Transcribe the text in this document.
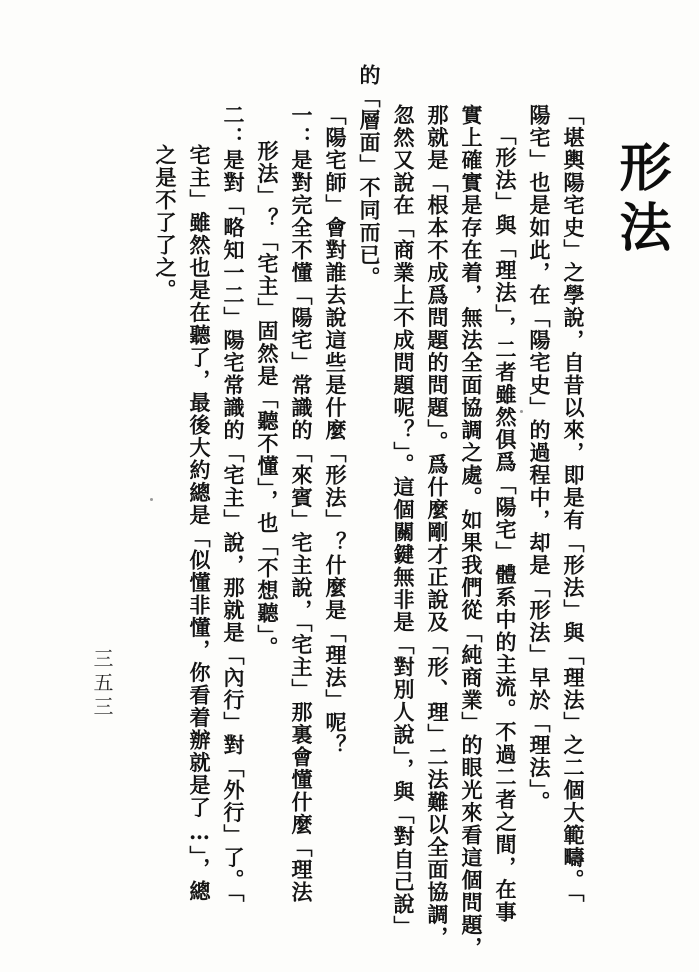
形法
「堪輿陽宅史」之學說，自昔以來，即是有「形法」與「理法」之二個大範疇。「
陽宅」也是如此，在「陽宅史」的過程中，却是「形法」早於「理法」。
「形法」與「理法」，二者雖然俱爲「陽宅」體系中的主流。不過二者之間，在事
實上確實是存在着，無法全面協調之處。如果我們從「純商業」的眼光來看這個問題，
那就是「根本不成爲問題的問題」。爲什麼剛才正說及「形、理」二法難以全面協調，
忽然又說在「商業上不成問題呢？」。這個關鍵無非是「對別人說」，與「對自己說」
的「層面」不同而已。
「陽宅師」會對誰去說這些是什麼「形法」？什麼是「理法」呢？
一：是對完全不懂「陽宅」常識的「來賓」宅主說，「宅主」那裏會懂什麼「理法
形法」？「宅主」固然是「聽不懂」，也「不想聽」。
二：是對「略知一二」陽宅常識的「宅主」說，那就是「內行」對「外行」了。「
宅主」雖然也是在聽了，最後大約總是「似懂非懂，你看着辦就是了…」，總
之是不了了之。
三五三
